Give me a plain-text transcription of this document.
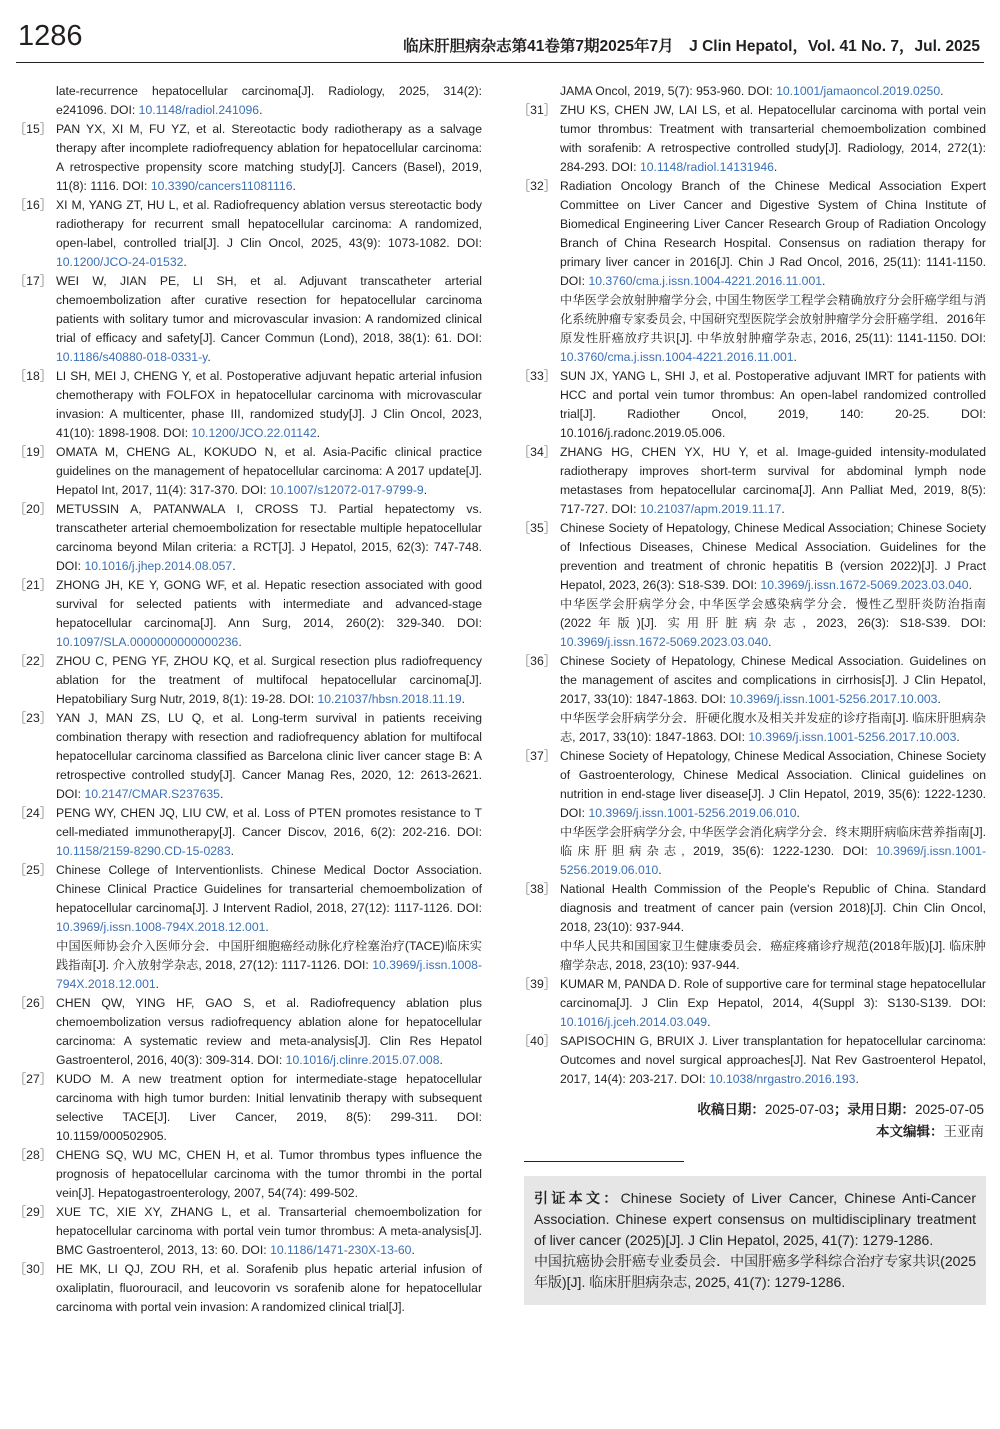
1286	临床肝胆病杂志第41卷第7期2025年7月　J Clin Hepatol，Vol. 41 No. 7，Jul. 2025
late-recurrence hepatocellular carcinoma[J]. Radiology, 2025, 314(2): e241096. DOI: 10.1148/radiol.241096.
［15］ PAN YX, XI M, FU YZ, et al. Stereotactic body radiotherapy as a salvage therapy after incomplete radiofrequency ablation for hepatocellular carcinoma: A retrospective propensity score matching study[J]. Cancers (Basel), 2019, 11(8): 1116. DOI: 10.3390/cancers11081116.
［16］ XI M, YANG ZT, HU L, et al. Radiofrequency ablation versus stereotactic body radiotherapy for recurrent small hepatocellular carcinoma: A randomized, open-label, controlled trial[J]. J Clin Oncol, 2025, 43(9): 1073-1082. DOI: 10.1200/JCO-24-01532.
［17］ WEI W, JIAN PE, LI SH, et al. Adjuvant transcatheter arterial chemoembolization after curative resection for hepatocellular carcinoma patients with solitary tumor and microvascular invasion: A randomized clinical trial of efficacy and safety[J]. Cancer Commun (Lond), 2018, 38(1): 61. DOI: 10.1186/s40880-018-0331-y.
［18］ LI SH, MEI J, CHENG Y, et al. Postoperative adjuvant hepatic arterial infusion chemotherapy with FOLFOX in hepatocellular carcinoma with microvascular invasion: A multicenter, phase III, randomized study[J]. J Clin Oncol, 2023, 41(10): 1898-1908. DOI: 10.1200/JCO.22.01142.
［19］ OMATA M, CHENG AL, KOKUDO N, et al. Asia-Pacific clinical practice guidelines on the management of hepatocellular carcinoma: A 2017 update[J]. Hepatol Int, 2017, 11(4): 317-370. DOI: 10.1007/s12072-017-9799-9.
［20］ METUSSIN A, PATANWALA I, CROSS TJ. Partial hepatectomy vs. transcatheter arterial chemoembolization for resectable multiple hepatocellular carcinoma beyond Milan criteria: a RCT[J]. J Hepatol, 2015, 62(3): 747-748. DOI: 10.1016/j.jhep.2014.08.057.
［21］ ZHONG JH, KE Y, GONG WF, et al. Hepatic resection associated with good survival for selected patients with intermediate and advanced-stage hepatocellular carcinoma[J]. Ann Surg, 2014, 260(2): 329-340. DOI: 10.1097/SLA.0000000000000236.
［22］ ZHOU C, PENG YF, ZHOU KQ, et al. Surgical resection plus radiofrequency ablation for the treatment of multifocal hepatocellular carcinoma[J]. Hepatobiliary Surg Nutr, 2019, 8(1): 19-28. DOI: 10.21037/hbsn.2018.11.19.
［23］ YAN J, MAN ZS, LU Q, et al. Long-term survival in patients receiving combination therapy with resection and radiofrequency ablation for multifocal hepatocellular carcinoma classified as Barcelona clinic liver cancer stage B: A retrospective controlled study[J]. Cancer Manag Res, 2020, 12: 2613-2621. DOI: 10.2147/CMAR.S237635.
［24］ PENG WY, CHEN JQ, LIU CW, et al. Loss of PTEN promotes resistance to T cell-mediated immunotherapy[J]. Cancer Discov, 2016, 6(2): 202-216. DOI: 10.1158/2159-8290.CD-15-0283.
［25］ Chinese College of Interventionlists. Chinese Medical Doctor Association. Chinese Clinical Practice Guidelines for transarterial chemoembolization of hepatocellular carcinoma[J]. J Intervent Radiol, 2018, 27(12): 1117-1126. DOI: 10.3969/j.issn.1008-794X.2018.12.001.
中国医师协会介入医师分会．中国肝细胞癌经动脉化疗栓塞治疗(TACE)临床实践指南[J]. 介入放射学杂志, 2018, 27(12): 1117-1126. DOI: 10.3969/j.issn.1008-794X.2018.12.001.
［26］ CHEN QW, YING HF, GAO S, et al. Radiofrequency ablation plus chemoembolization versus radiofrequency ablation alone for hepatocellular carcinoma: A systematic review and meta-analysis[J]. Clin Res Hepatol Gastroenterol, 2016, 40(3): 309-314. DOI: 10.1016/j.clinre.2015.07.008.
［27］ KUDO M. A new treatment option for intermediate-stage hepatocellular carcinoma with high tumor burden: Initial lenvatinib therapy with subsequent selective TACE[J]. Liver Cancer, 2019, 8(5): 299-311. DOI: 10.1159/000502905.
［28］ CHENG SQ, WU MC, CHEN H, et al. Tumor thrombus types influence the prognosis of hepatocellular carcinoma with the tumor thrombi in the portal vein[J]. Hepatogastroenterology, 2007, 54(74): 499-502.
［29］ XUE TC, XIE XY, ZHANG L, et al. Transarterial chemoembolization for hepatocellular carcinoma with portal vein tumor thrombus: A meta-analysis[J]. BMC Gastroenterol, 2013, 13: 60. DOI: 10.1186/1471-230X-13-60.
［30］ HE MK, LI QJ, ZOU RH, et al. Sorafenib plus hepatic arterial infusion of oxaliplatin, fluorouracil, and leucovorin vs sorafenib alone for hepatocellular carcinoma with portal vein invasion: A randomized clinical trial[J].
JAMA Oncol, 2019, 5(7): 953-960. DOI: 10.1001/jamaoncol.2019.0250.
［31］ ZHU KS, CHEN JW, LAI LS, et al. Hepatocellular carcinoma with portal vein tumor thrombus: Treatment with transarterial chemoembolization combined with sorafenib: A retrospective controlled study[J]. Radiology, 2014, 272(1): 284-293. DOI: 10.1148/radiol.14131946.
［32］ Radiation Oncology Branch of the Chinese Medical Association Expert Committee on Liver Cancer and Digestive System of China Institute of Biomedical Engineering Liver Cancer Research Group of Radiation Oncology Branch of China Research Hospital. Consensus on radiation therapy for primary liver cancer in 2016[J]. Chin J Rad Oncol, 2016, 25(11): 1141-1150. DOI: 10.3760/cma.j.issn.1004-4221.2016.11.001.
中华医学会放射肿瘤学分会, 中国生物医学工程学会精确放疗分会肝癌学组与消化系统肿瘤专家委员会, 中国研究型医院学会放射肿瘤学分会肝癌学组．2016年原发性肝癌放疗共识[J]. 中华放射肿瘤学杂志, 2016, 25(11): 1141-1150. DOI: 10.3760/cma.j.issn.1004-4221.2016.11.001.
［33］ SUN JX, YANG L, SHI J, et al. Postoperative adjuvant IMRT for patients with HCC and portal vein tumor thrombus: An open-label randomized controlled trial[J]. Radiother Oncol, 2019, 140: 20-25. DOI: 10.1016/j.radonc.2019.05.006.
［34］ ZHANG HG, CHEN YX, HU Y, et al. Image-guided intensity-modulated radiotherapy improves short-term survival for abdominal lymph node metastases from hepatocellular carcinoma[J]. Ann Palliat Med, 2019, 8(5): 717-727. DOI: 10.21037/apm.2019.11.17.
［35］ Chinese Society of Hepatology, Chinese Medical Association; Chinese Society of Infectious Diseases, Chinese Medical Association. Guidelines for the prevention and treatment of chronic hepatitis B (version 2022)[J]. J Pract Hepatol, 2023, 26(3): S18-S39. DOI: 10.3969/j.issn.1672-5069.2023.03.040.
中华医学会肝病学分会, 中华医学会感染病学分会．慢性乙型肝炎防治指南(2022年版)[J]. 实用肝脏病杂志, 2023, 26(3): S18-S39. DOI: 10.3969/j.issn.1672-5069.2023.03.040.
［36］ Chinese Society of Hepatology, Chinese Medical Association. Guidelines on the management of ascites and complications in cirrhosis[J]. J Clin Hepatol, 2017, 33(10): 1847-1863. DOI: 10.3969/j.issn.1001-5256.2017.10.003.
中华医学会肝病学分会．肝硬化腹水及相关并发症的诊疗指南[J]. 临床肝胆病杂志, 2017, 33(10): 1847-1863. DOI: 10.3969/j.issn.1001-5256.2017.10.003.
［37］ Chinese Society of Hepatology, Chinese Medical Association, Chinese Society of Gastroenterology, Chinese Medical Association. Clinical guidelines on nutrition in end-stage liver disease[J]. J Clin Hepatol, 2019, 35(6): 1222-1230. DOI: 10.3969/j.issn.1001-5256.2019.06.010.
中华医学会肝病学分会, 中华医学会消化病学分会．终末期肝病临床营养指南[J]. 临床肝胆病杂志, 2019, 35(6): 1222-1230. DOI: 10.3969/j.issn.1001-5256.2019.06.010.
［38］ National Health Commission of the People's Republic of China. Standard diagnosis and treatment of cancer pain (version 2018)[J]. Chin Clin Oncol, 2018, 23(10): 937-944.
中华人民共和国国家卫生健康委员会．癌症疼痛诊疗规范(2018年版)[J]. 临床肿瘤学杂志, 2018, 23(10): 937-944.
［39］ KUMAR M, PANDA D. Role of supportive care for terminal stage hepatocellular carcinoma[J]. J Clin Exp Hepatol, 2014, 4(Suppl 3): S130-S139. DOI: 10.1016/j.jceh.2014.03.049.
［40］ SAPISOCHIN G, BRUIX J. Liver transplantation for hepatocellular carcinoma: Outcomes and novel surgical approaches[J]. Nat Rev Gastroenterol Hepatol, 2017, 14(4): 203-217. DOI: 10.1038/nrgastro.2016.193.
收稿日期：2025-07-03；录用日期：2025-07-05
本文编辑：王亚南
引证本文：Chinese Society of Liver Cancer, Chinese Anti-Cancer Association. Chinese expert consensus on multidisciplinary treatment of liver cancer (2025)[J]. J Clin Hepatol, 2025, 41(7): 1279-1286.
中国抗癌协会肝癌专业委员会．中国肝癌多学科综合治疗专家共识(2025年版)[J]. 临床肝胆病杂志, 2025, 41(7): 1279-1286.
